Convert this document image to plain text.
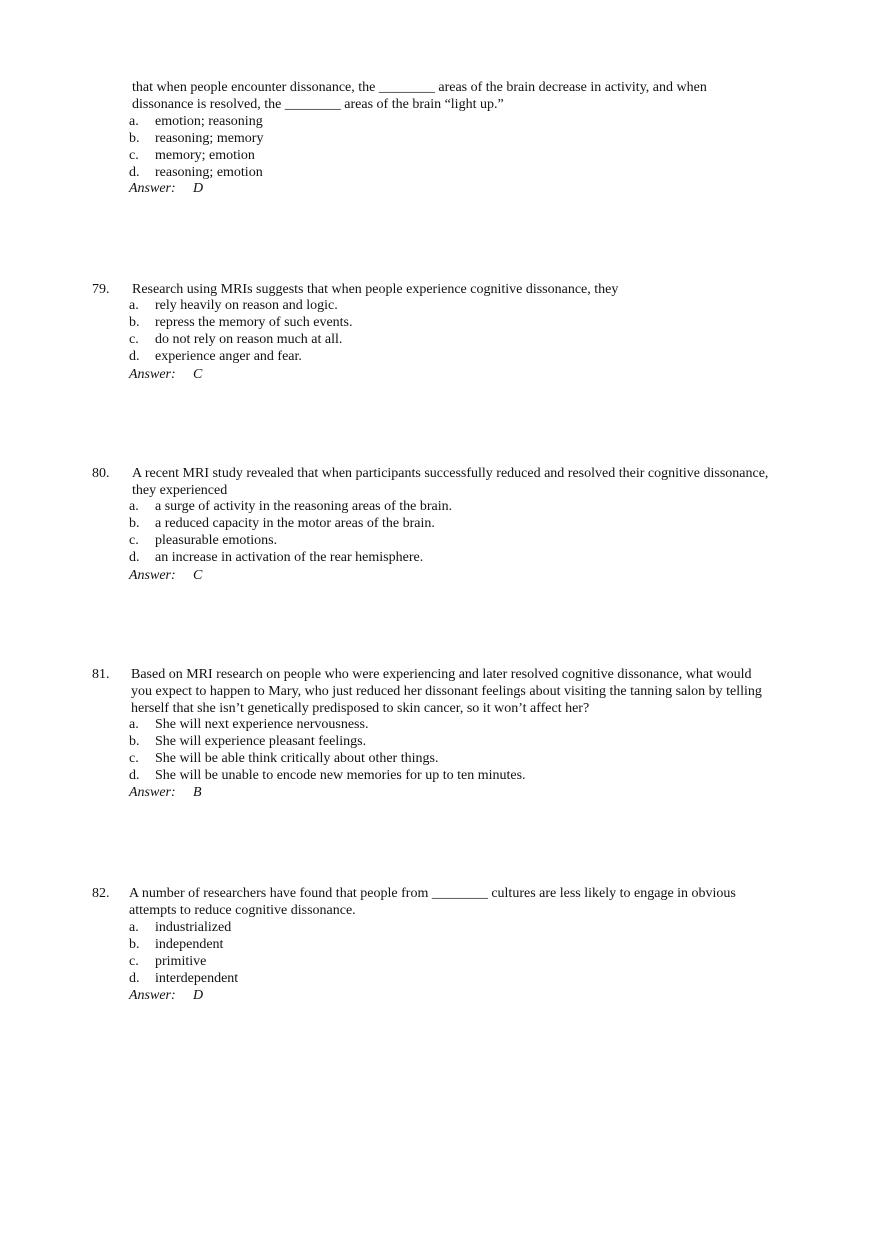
that when people encounter dissonance, the ________ areas of the brain decrease in activity, and when
dissonance is resolved, the ________ areas of the brain “light up.”
a. emotion; reasoning
b. reasoning; memory
c. memory; emotion
d. reasoning; emotion
Answer: D
79. Research using MRIs suggests that when people experience cognitive dissonance, they
a. rely heavily on reason and logic.
b. repress the memory of such events.
c. do not rely on reason much at all.
d. experience anger and fear.
Answer: C
80. A recent MRI study revealed that when participants successfully reduced and resolved their cognitive dissonance,
they experienced
a. a surge of activity in the reasoning areas of the brain.
b. a reduced capacity in the motor areas of the brain.
c. pleasurable emotions.
d. an increase in activation of the rear hemisphere.
Answer: C
81. Based on MRI research on people who were experiencing and later resolved cognitive dissonance, what would
you expect to happen to Mary, who just reduced her dissonant feelings about visiting the tanning salon by telling
herself that she isn’t genetically predisposed to skin cancer, so it won’t affect her?
a. She will next experience nervousness.
b. She will experience pleasant feelings.
c. She will be able think critically about other things.
d. She will be unable to encode new memories for up to ten minutes.
Answer: B
82. A number of researchers have found that people from ________ cultures are less likely to engage in obvious
attempts to reduce cognitive dissonance.
a. industrialized
b. independent
c. primitive
d. interdependent
Answer: D
